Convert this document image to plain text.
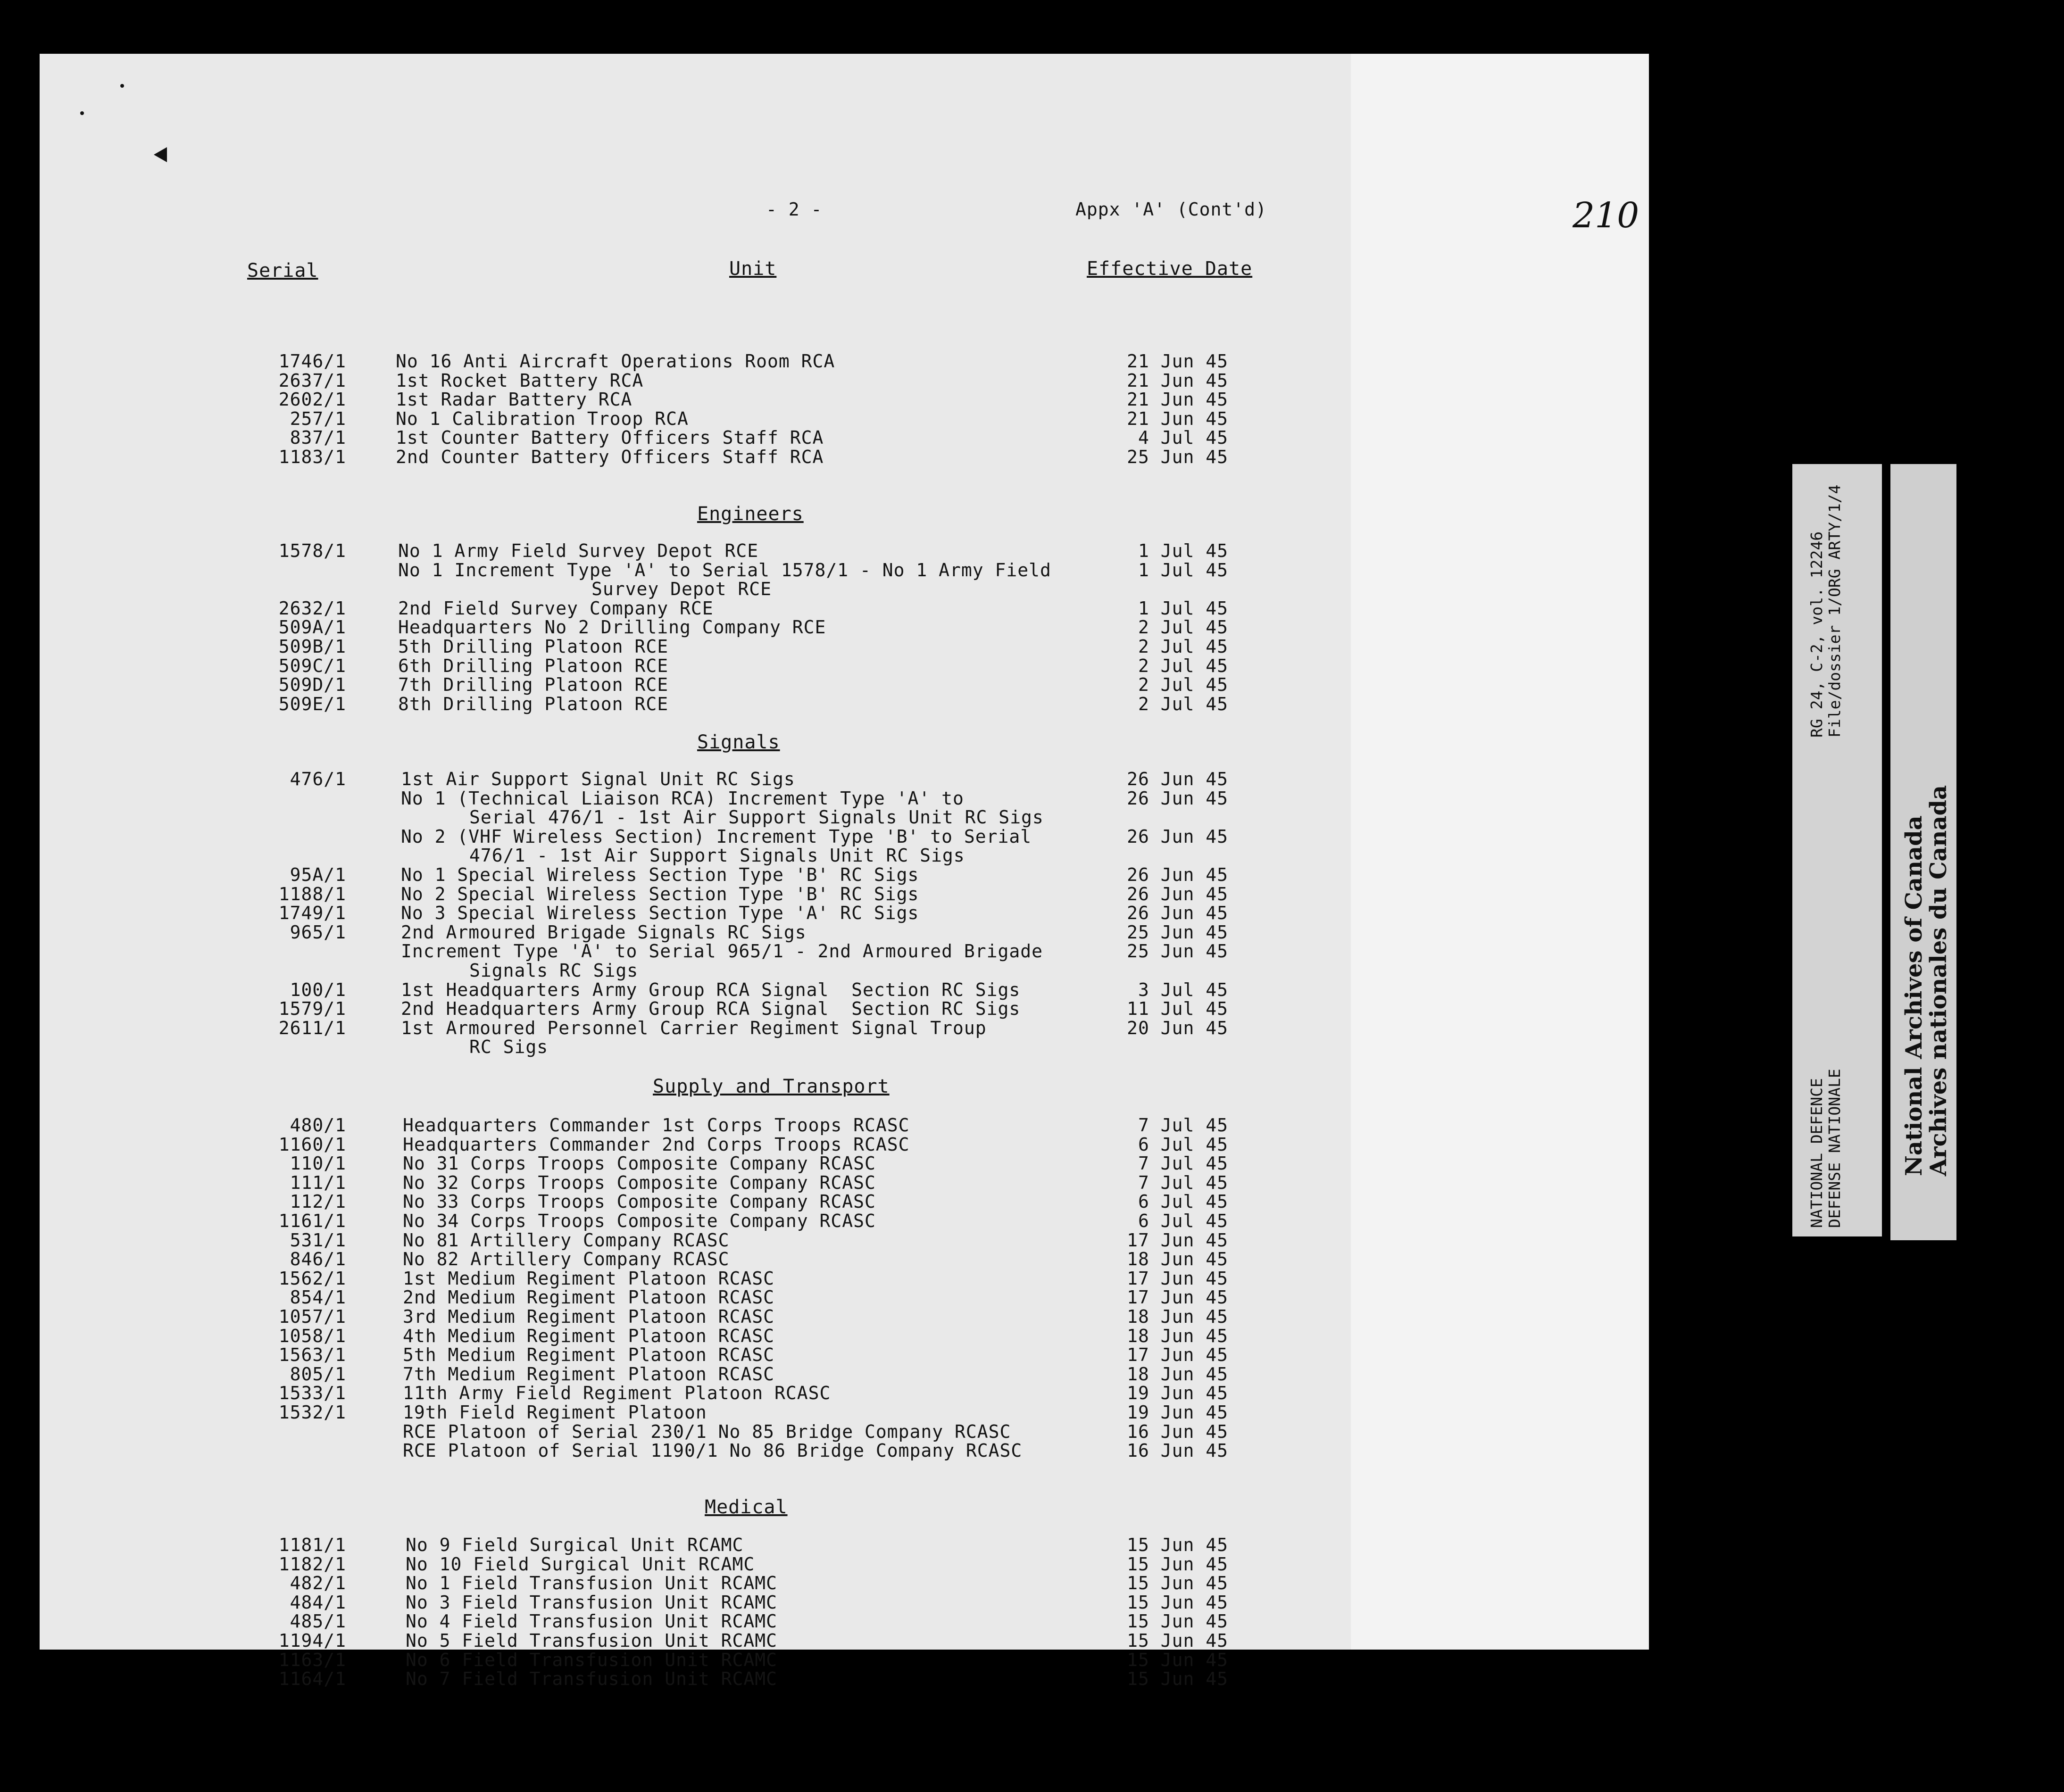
210
- 2 -	Appx 'A' (Cont'd)
Serial	Unit	Effective Date
1746/1	No 16 Anti Aircraft Operations Room RCA	21 Jun 45
2637/1	1st Rocket Battery RCA	21 Jun 45
2602/1	1st Radar Battery RCA	21 Jun 45
257/1	No 1 Calibration Troop RCA	21 Jun 45
837/1	1st Counter Battery Officers Staff RCA	4 Jul 45
1183/1	2nd Counter Battery Officers Staff RCA	25 Jun 45
Engineers
1578/1	No 1 Army Field Survey Depot RCE	1 Jul 45
No 1 Increment Type 'A' to Serial 1578/1 - No 1 Army Field	1 Jul 45
Survey Depot RCE
2632/1	2nd Field Survey Company RCE	1 Jul 45
509A/1	Headquarters No 2 Drilling Company RCE	2 Jul 45
509B/1	5th Drilling Platoon RCE	2 Jul 45
509C/1	6th Drilling Platoon RCE	2 Jul 45
509D/1	7th Drilling Platoon RCE	2 Jul 45
509E/1	8th Drilling Platoon RCE	2 Jul 45
Signals
476/1	1st Air Support Signal Unit RC Sigs	26 Jun 45
No 1 (Technical Liaison RCA) Increment Type 'A' to	26 Jun 45
Serial 476/1 - 1st Air Support Signals Unit RC Sigs
No 2 (VHF Wireless Section) Increment Type 'B' to Serial	26 Jun 45
476/1 - 1st Air Support Signals Unit RC Sigs
95A/1	No 1 Special Wireless Section Type 'B' RC Sigs	26 Jun 45
1188/1	No 2 Special Wireless Section Type 'B' RC Sigs	26 Jun 45
1749/1	No 3 Special Wireless Section Type 'A' RC Sigs	26 Jun 45
965/1	2nd Armoured Brigade Signals RC Sigs	25 Jun 45
Increment Type 'A' to Serial 965/1 - 2nd Armoured Brigade	25 Jun 45
Signals RC Sigs
100/1	1st Headquarters Army Group RCA Signal  Section RC Sigs	3 Jul 45
1579/1	2nd Headquarters Army Group RCA Signal  Section RC Sigs	11 Jul 45
2611/1	1st Armoured Personnel Carrier Regiment Signal Troup	20 Jun 45
RC Sigs
Supply and Transport
480/1	Headquarters Commander 1st Corps Troops RCASC	7 Jul 45
1160/1	Headquarters Commander 2nd Corps Troops RCASC	6 Jul 45
110/1	No 31 Corps Troops Composite Company RCASC	7 Jul 45
111/1	No 32 Corps Troops Composite Company RCASC	7 Jul 45
112/1	No 33 Corps Troops Composite Company RCASC	6 Jul 45
1161/1	No 34 Corps Troops Composite Company RCASC	6 Jul 45
531/1	No 81 Artillery Company RCASC	17 Jun 45
846/1	No 82 Artillery Company RCASC	18 Jun 45
1562/1	1st Medium Regiment Platoon RCASC	17 Jun 45
854/1	2nd Medium Regiment Platoon RCASC	17 Jun 45
1057/1	3rd Medium Regiment Platoon RCASC	18 Jun 45
1058/1	4th Medium Regiment Platoon RCASC	18 Jun 45
1563/1	5th Medium Regiment Platoon RCASC	17 Jun 45
805/1	7th Medium Regiment Platoon RCASC	18 Jun 45
1533/1	11th Army Field Regiment Platoon RCASC	19 Jun 45
1532/1	19th Field Regiment Platoon	19 Jun 45
RCE Platoon of Serial 230/1 No 85 Bridge Company RCASC	16 Jun 45
RCE Platoon of Serial 1190/1 No 86 Bridge Company RCASC	16 Jun 45
Medical
1181/1	No 9 Field Surgical Unit RCAMC	15 Jun 45
1182/1	No 10 Field Surgical Unit RCAMC	15 Jun 45
482/1	No 1 Field Transfusion Unit RCAMC	15 Jun 45
484/1	No 3 Field Transfusion Unit RCAMC	15 Jun 45
485/1	No 4 Field Transfusion Unit RCAMC	15 Jun 45
1194/1	No 5 Field Transfusion Unit RCAMC	15 Jun 45
1163/1	No 6 Field Transfusion Unit RCAMC	15 Jun 45
1164/1	No 7 Field Transfusion Unit RCAMC	15 Jun 45
RG 24, C-2, vol. 12246 File/dossier 1/ORG ARTY/1/4
NATIONAL DEFENCE DEFENSE NATIONALE	National Archives of Canada
Archives nationales du Canada
